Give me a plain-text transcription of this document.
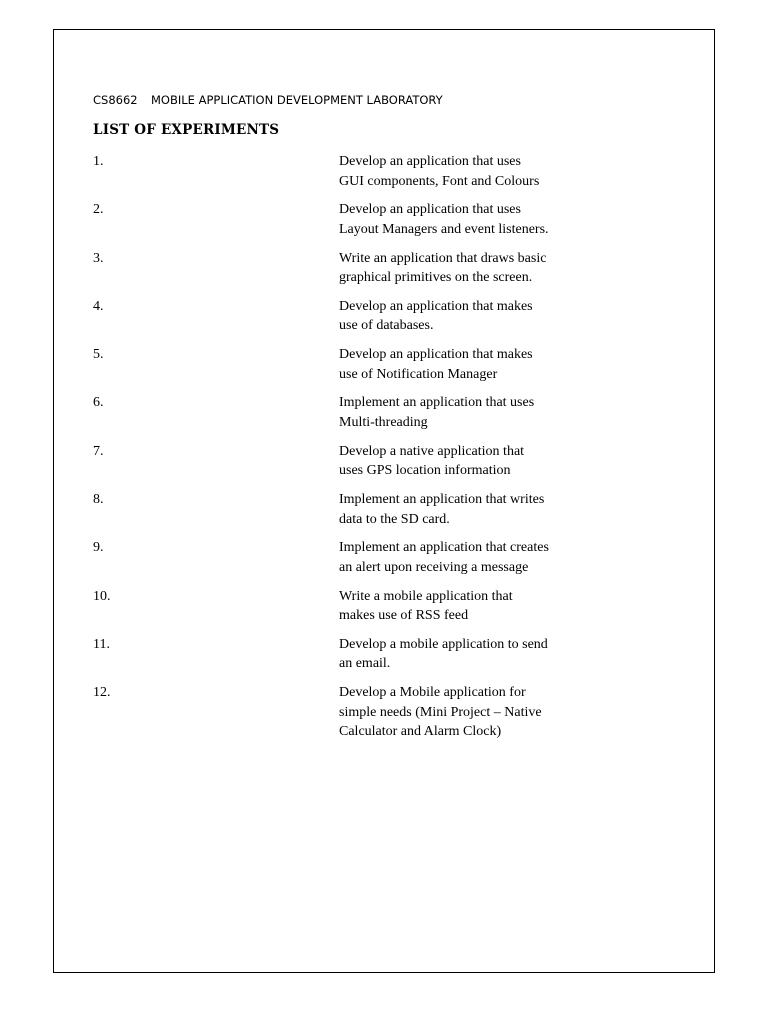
CS8662 MOBILE APPLICATION DEVELOPMENT LABORATORY
LIST OF EXPERIMENTS
1.	Develop an application that uses
GUI components, Font and Colours
2.	Develop an application that uses
Layout Managers and event listeners.
3.	Write an application that draws basic
graphical primitives on the screen.
4.	Develop an application that makes
use of databases.
5.	Develop an application that makes
use of Notification Manager
6.	Implement an application that uses
Multi-threading
7.	Develop a native application that
uses GPS location information
8.	Implement an application that writes
data to the SD card.
9.	Implement an application that creates
an alert upon receiving a message
10.	Write a mobile application that
makes use of RSS feed
11.	Develop a mobile application to send
an email.
12.	Develop a Mobile application for
simple needs (Mini Project – Native
Calculator and Alarm Clock)
